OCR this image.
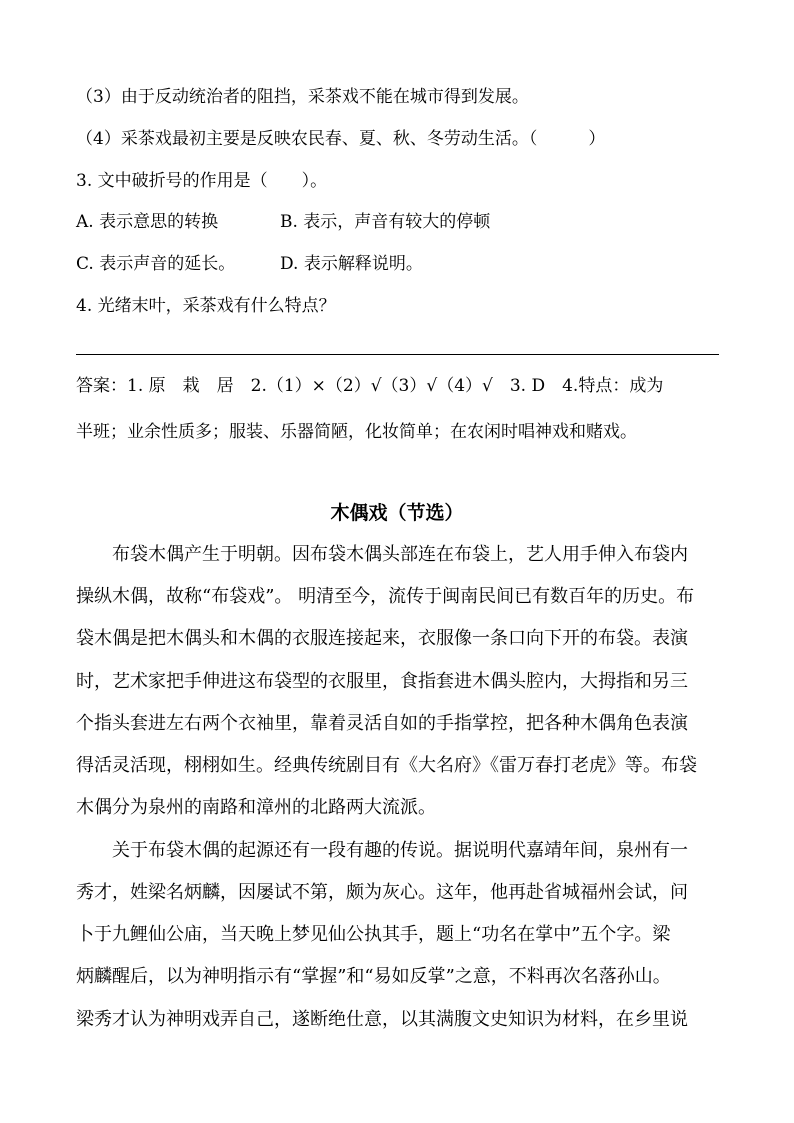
（3）由于反动统治者的阻挡，采茶戏不能在城市得到发展。
（4）采茶戏最初主要是反映农民春、夏、秋、冬劳动生活。（　　　）
3. 文中破折号的作用是（　　）。
A. 表示意思的转换	B. 表示，声音有较大的停顿
C. 表示声音的延长。	D. 表示解释说明。
4. 光绪末叶，采茶戏有什么特点？
答案：1. 原　栽　居　2.（1）×（2）√（3）√（4）√　3. D　4.特点：成为
半班；业余性质多；服装、乐器简陋，化妆简单；在农闲时唱神戏和赌戏。
木偶戏（节选）
　　布袋木偶产生于明朝。因布袋木偶头部连在布袋上，艺人用手伸入布袋内
操纵木偶，故称“布袋戏”。 明清至今，流传于闽南民间已有数百年的历史。布
袋木偶是把木偶头和木偶的衣服连接起来，衣服像一条口向下开的布袋。表演
时，艺术家把手伸进这布袋型的衣服里，食指套进木偶头腔内，大拇指和另三
个指头套进左右两个衣袖里，靠着灵活自如的手指掌控，把各种木偶角色表演
得活灵活现，栩栩如生。经典传统剧目有《大名府》《雷万春打老虎》等。布袋
木偶分为泉州的南路和漳州的北路两大流派。
　　关于布袋木偶的起源还有一段有趣的传说。据说明代嘉靖年间，泉州有一
秀才，姓梁名炳麟，因屡试不第，颇为灰心。这年，他再赴省城福州会试，问
卜于九鲤仙公庙，当天晚上梦见仙公执其手，题上“功名在掌中”五个字。梁
炳麟醒后，以为神明指示有“掌握”和“易如反掌”之意，不料再次名落孙山。
梁秀才认为神明戏弄自己，遂断绝仕意，以其满腹文史知识为材料，在乡里说
